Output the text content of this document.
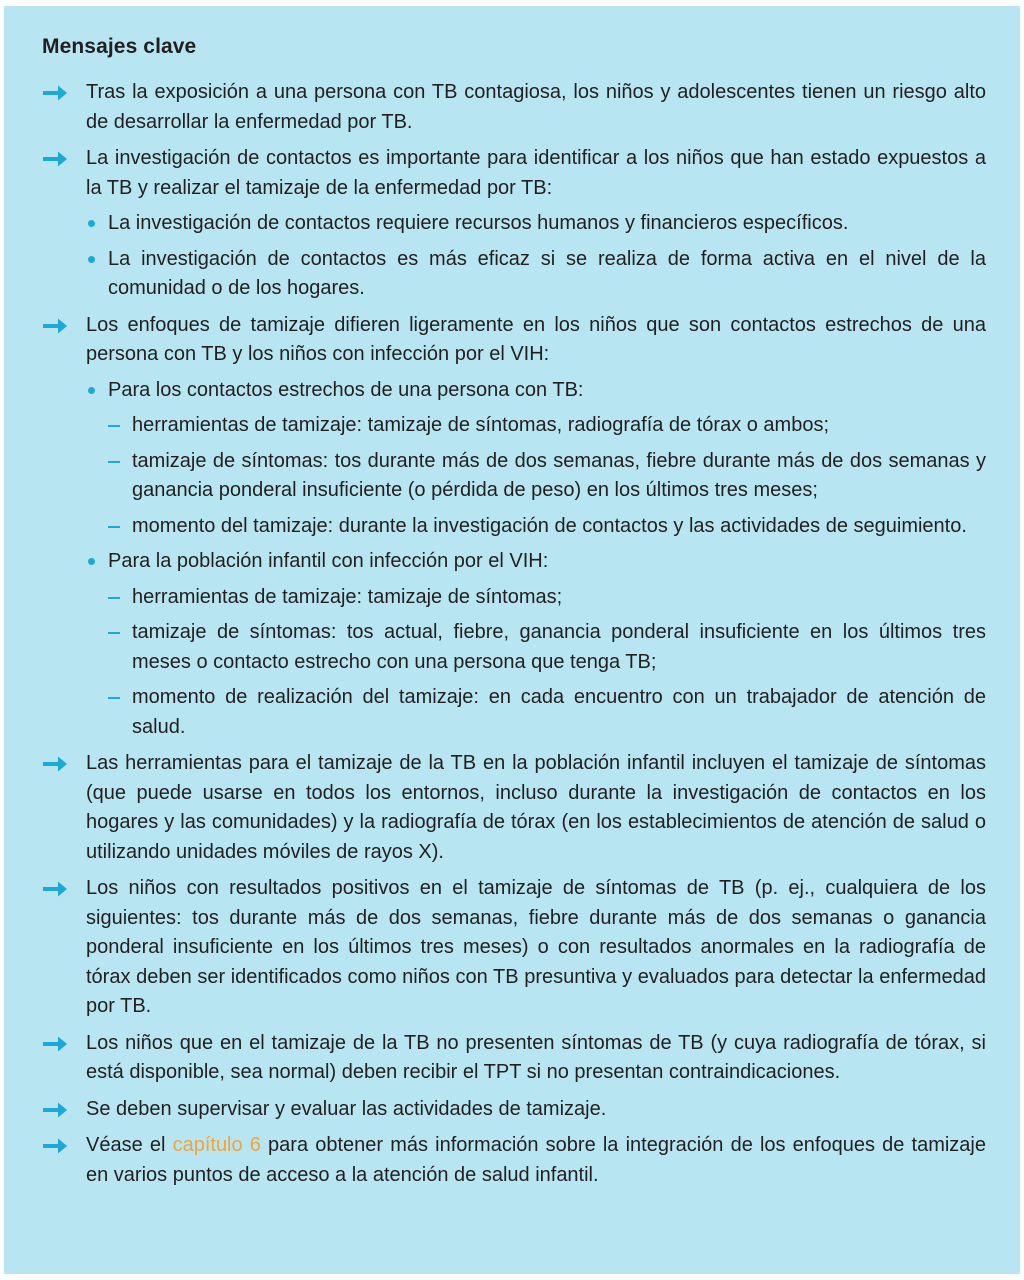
Mensajes clave
Tras la exposición a una persona con TB contagiosa, los niños y adolescentes tienen un riesgo alto de desarrollar la enfermedad por TB.
La investigación de contactos es importante para identificar a los niños que han estado expuestos a la TB y realizar el tamizaje de la enfermedad por TB:
La investigación de contactos requiere recursos humanos y financieros específicos.
La investigación de contactos es más eficaz si se realiza de forma activa en el nivel de la comunidad o de los hogares.
Los enfoques de tamizaje difieren ligeramente en los niños que son contactos estrechos de una persona con TB y los niños con infección por el VIH:
Para los contactos estrechos de una persona con TB:
herramientas de tamizaje: tamizaje de síntomas, radiografía de tórax o ambos;
tamizaje de síntomas: tos durante más de dos semanas, fiebre durante más de dos semanas y ganancia ponderal insuficiente (o pérdida de peso) en los últimos tres meses;
momento del tamizaje: durante la investigación de contactos y las actividades de seguimiento.
Para la población infantil con infección por el VIH:
herramientas de tamizaje: tamizaje de síntomas;
tamizaje de síntomas: tos actual, fiebre, ganancia ponderal insuficiente en los últimos tres meses o contacto estrecho con una persona que tenga TB;
momento de realización del tamizaje: en cada encuentro con un trabajador de atención de salud.
Las herramientas para el tamizaje de la TB en la población infantil incluyen el tamizaje de síntomas (que puede usarse en todos los entornos, incluso durante la investigación de contactos en los hogares y las comunidades) y la radiografía de tórax (en los establecimientos de atención de salud o utilizando unidades móviles de rayos X).
Los niños con resultados positivos en el tamizaje de síntomas de TB (p. ej., cualquiera de los siguientes: tos durante más de dos semanas, fiebre durante más de dos semanas o ganancia ponderal insuficiente en los últimos tres meses) o con resultados anormales en la radiografía de tórax deben ser identificados como niños con TB presuntiva y evaluados para detectar la enfermedad por TB.
Los niños que en el tamizaje de la TB no presenten síntomas de TB (y cuya radiografía de tórax, si está disponible, sea normal) deben recibir el TPT si no presentan contraindicaciones.
Se deben supervisar y evaluar las actividades de tamizaje.
Véase el capítulo 6 para obtener más información sobre la integración de los enfoques de tamizaje en varios puntos de acceso a la atención de salud infantil.
